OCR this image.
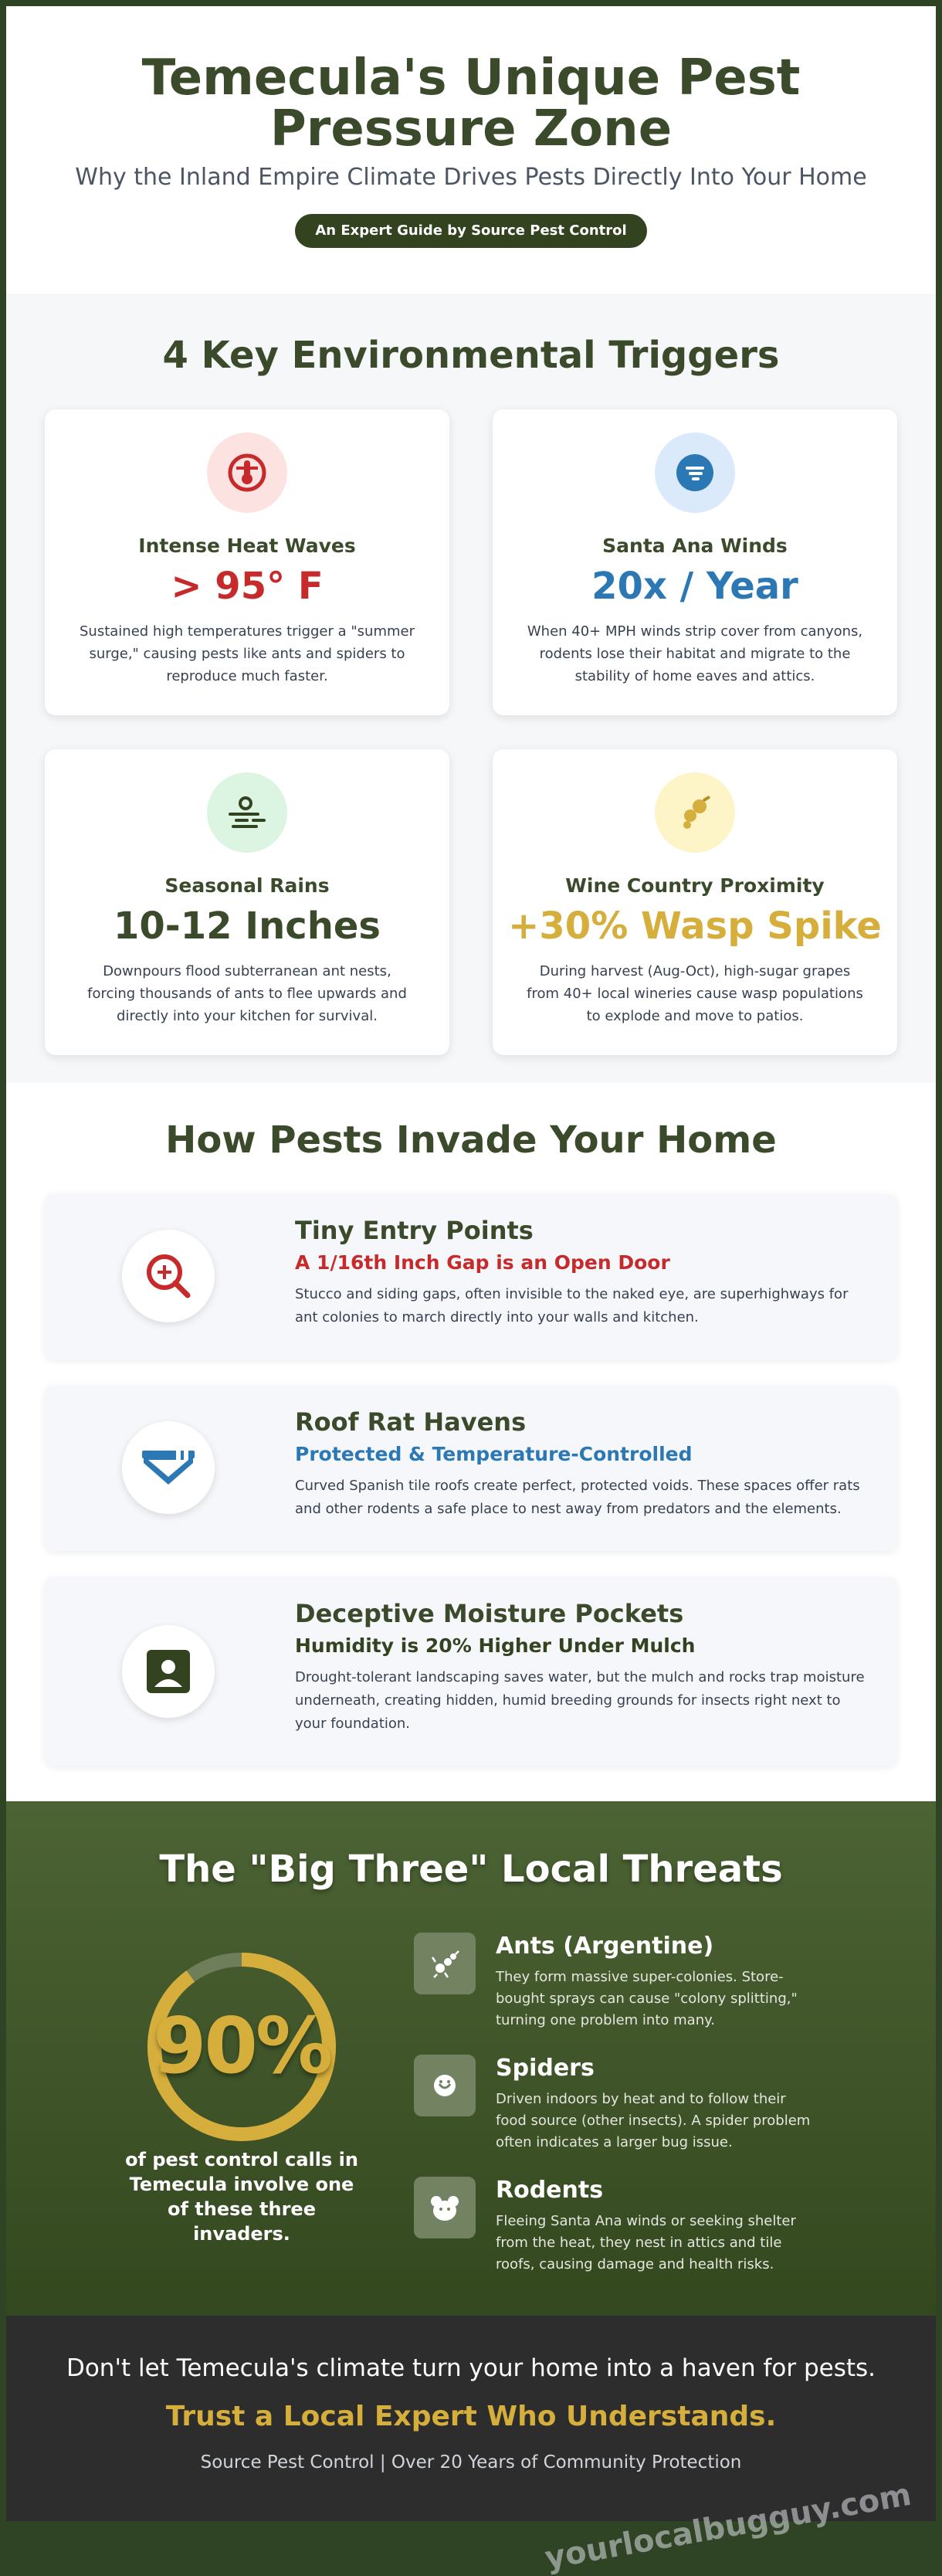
Temecula's Unique Pest Pressure Zone
Why the Inland Empire Climate Drives Pests Directly Into Your Home
An Expert Guide by Source Pest Control
4 Key Environmental Triggers
Intense Heat Waves
> 95° F
Sustained high temperatures trigger a "summer surge," causing pests like ants and spiders to reproduce much faster.
Santa Ana Winds
20x / Year
When 40+ MPH winds strip cover from canyons, rodents lose their habitat and migrate to the stability of home eaves and attics.
Seasonal Rains
10-12 Inches
Downpours flood subterranean ant nests, forcing thousands of ants to flee upwards and directly into your kitchen for survival.
Wine Country Proximity
+30% Wasp Spike
During harvest (Aug-Oct), high-sugar grapes from 40+ local wineries cause wasp populations to explode and move to patios.
How Pests Invade Your Home
Tiny Entry Points
A 1/16th Inch Gap is an Open Door
Stucco and siding gaps, often invisible to the naked eye, are superhighways for ant colonies to march directly into your walls and kitchen.
Roof Rat Havens
Protected & Temperature-Controlled
Curved Spanish tile roofs create perfect, protected voids. These spaces offer rats and other rodents a safe place to nest away from predators and the elements.
Deceptive Moisture Pockets
Humidity is 20% Higher Under Mulch
Drought-tolerant landscaping saves water, but the mulch and rocks trap moisture underneath, creating hidden, humid breeding grounds for insects right next to your foundation.
The "Big Three" Local Threats
90%
of pest control calls in Temecula involve one of these three invaders.
Ants (Argentine)
They form massive super-colonies. Store-bought sprays can cause "colony splitting," turning one problem into many.
Spiders
Driven indoors by heat and to follow their food source (other insects). A spider problem often indicates a larger bug issue.
Rodents
Fleeing Santa Ana winds or seeking shelter from the heat, they nest in attics and tile roofs, causing damage and health risks.
Don't let Temecula's climate turn your home into a haven for pests.
Trust a Local Expert Who Understands.
Source Pest Control | Over 20 Years of Community Protection
yourlocalbugguy.com
